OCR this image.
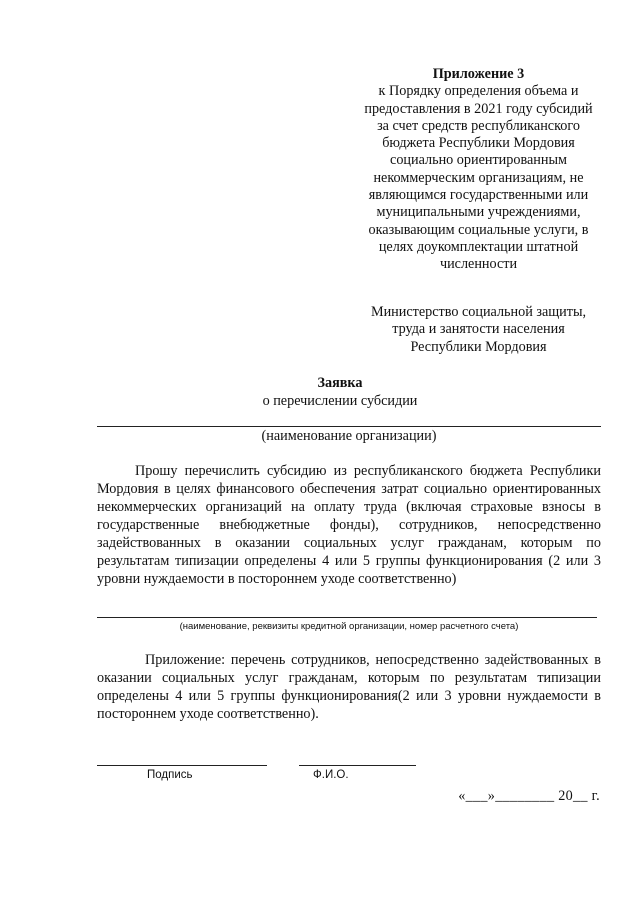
Приложение 3
к Порядку определения объема и
предоставления в 2021 году субсидий
за счет средств республиканского
бюджета Республики Мордовия
социально ориентированным
некоммерческим организациям, не
являющимся государственными или
муниципальными учреждениями,
оказывающим социальные услуги, в
целях доукомплектации штатной
численности
Министерство социальной защиты,
труда и занятости населения
Республики Мордовия
Заявка
о перечислении субсидии
(наименование организации)
Прошу перечислить субсидию из республиканского бюджета Республики Мордовия в целях финансового обеспечения затрат социально ориентированных некоммерческих организаций на оплату труда (включая страховые взносы в государственные внебюджетные фонды), сотрудников, непосредственно задействованных в оказании социальных услуг гражданам, которым по результатам типизации определены 4 или 5 группы функционирования (2 или 3 уровни нуждаемости в постороннем уходе соответственно)
(наименование, реквизиты кредитной организации, номер расчетного счета)
Приложение: перечень сотрудников, непосредственно задействованных в оказании социальных услуг гражданам, которым по результатам типизации определены 4 или 5 группы функционирования(2 или 3 уровни нуждаемости в постороннем уходе соответственно).
Подпись	Ф.И.О.
«___»________ 20__ г.
